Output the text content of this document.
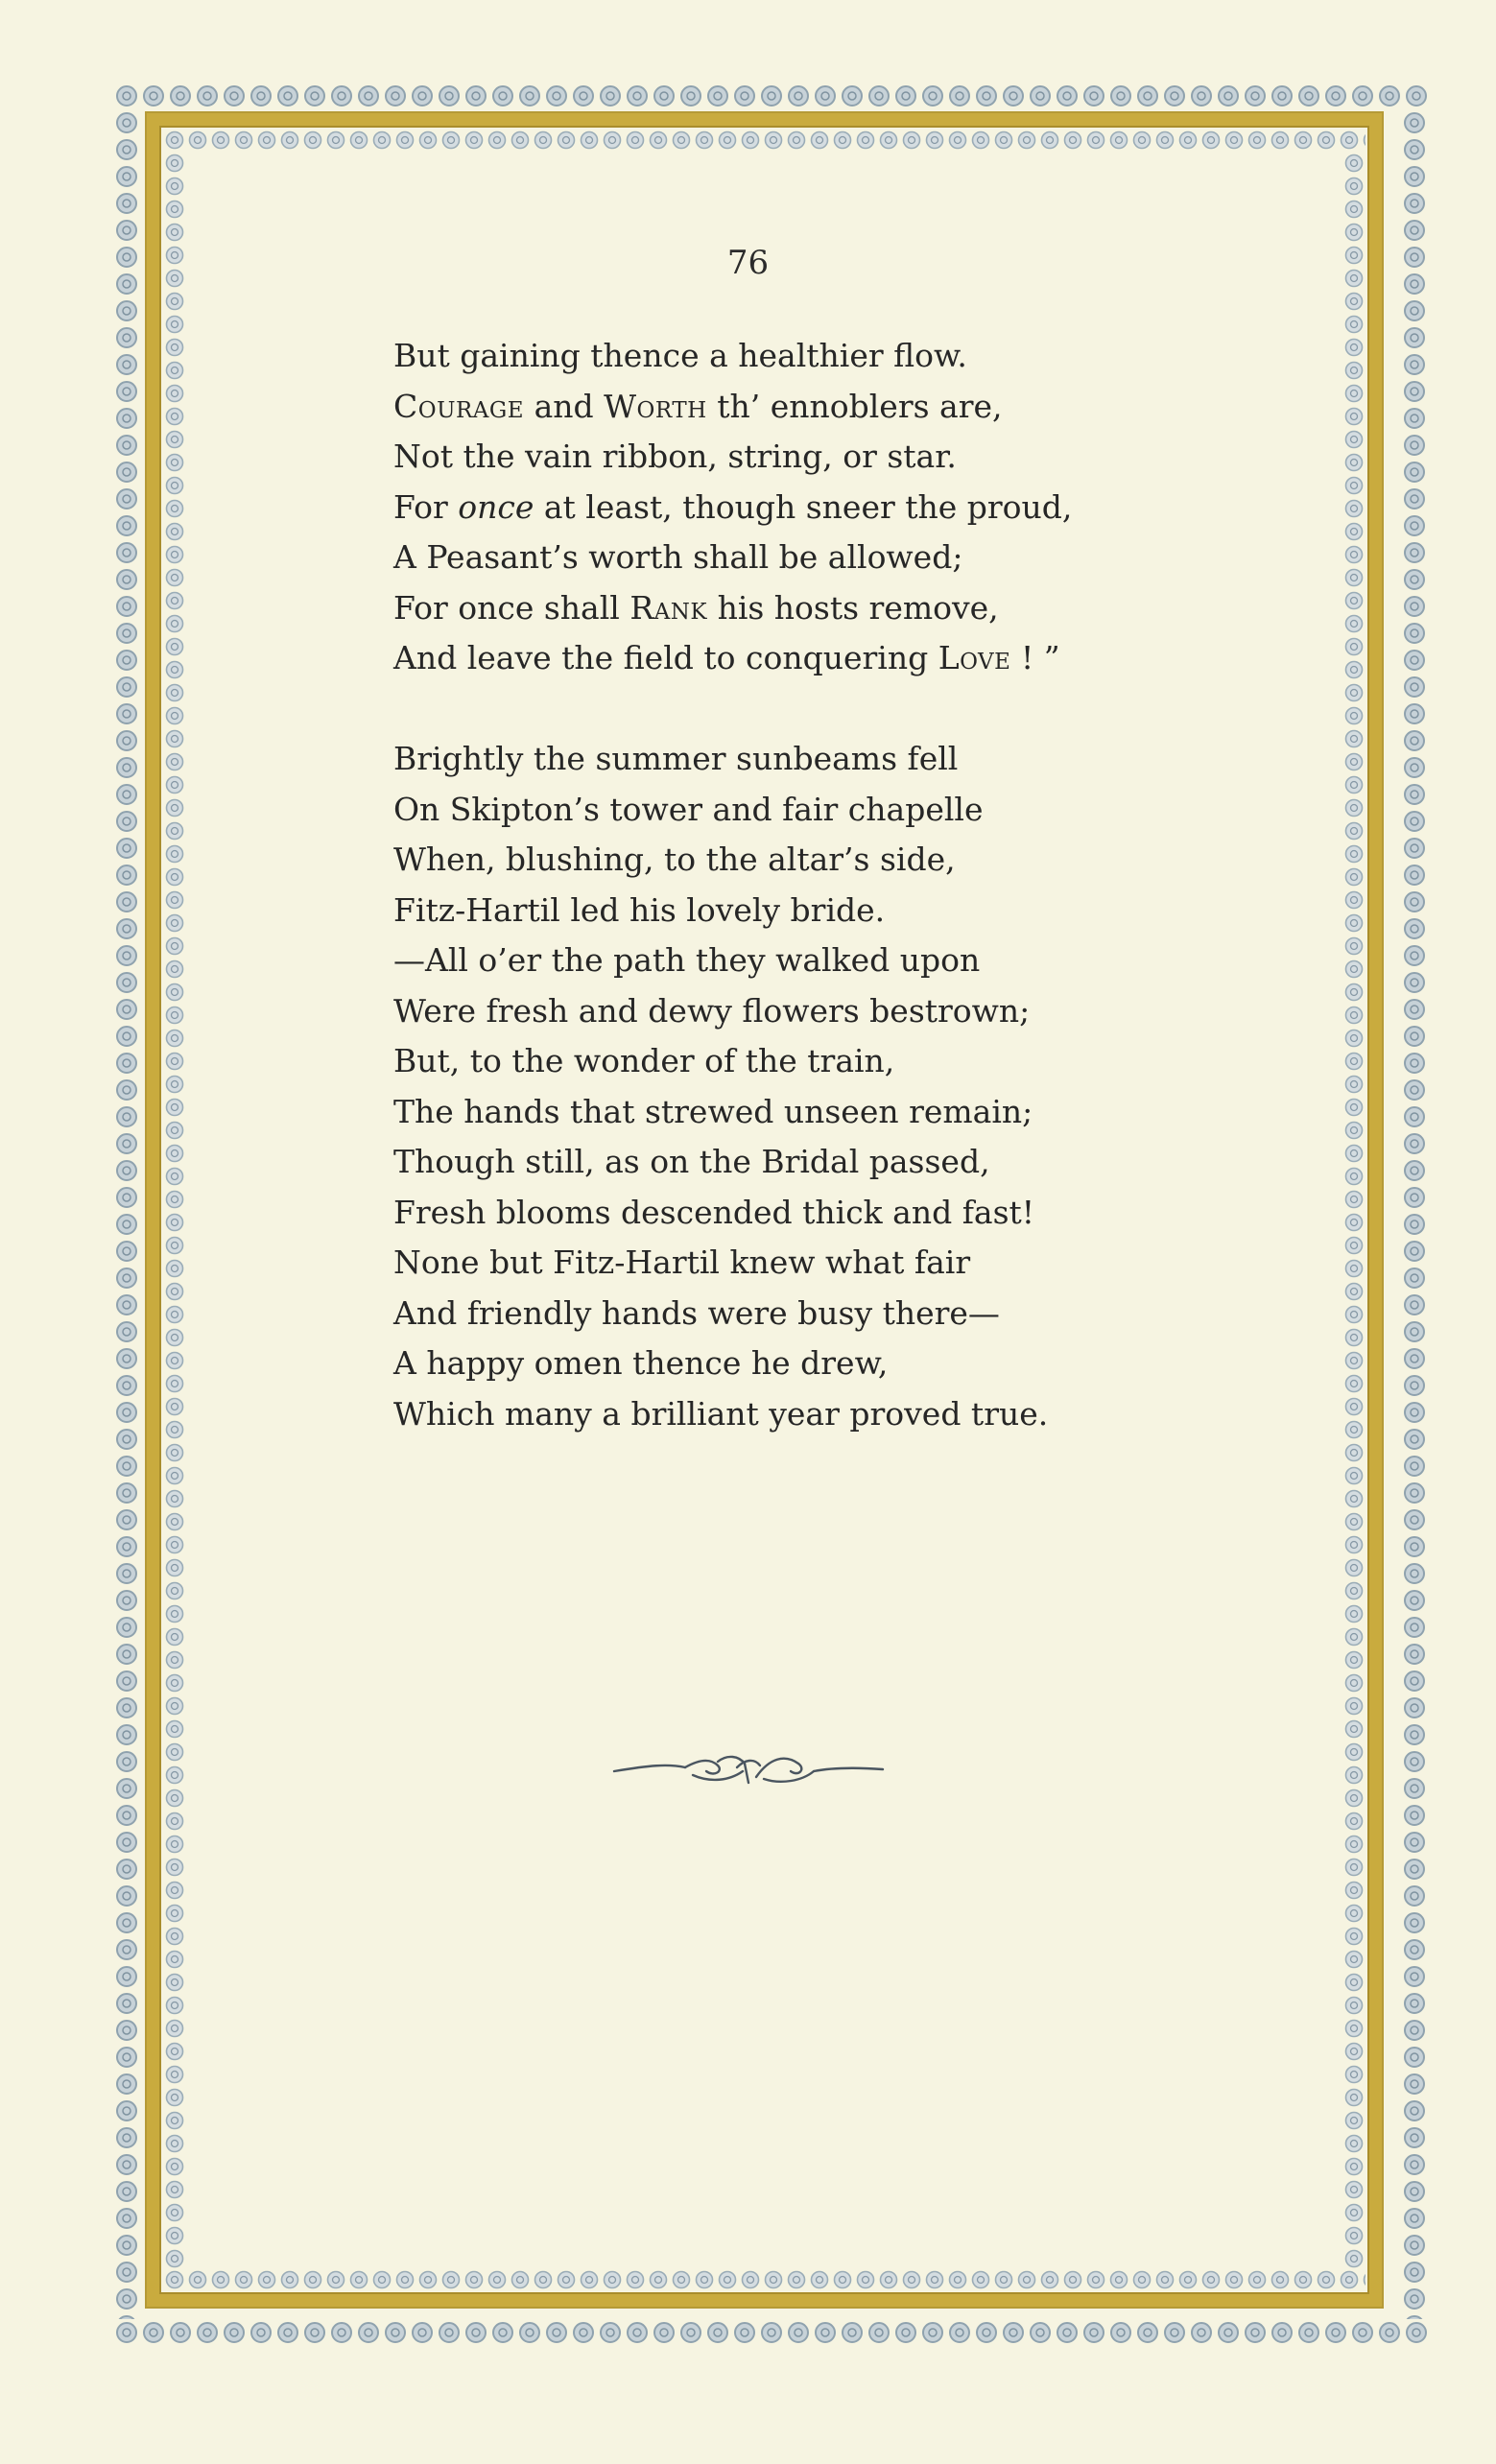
76
But gaining thence a healthier flow.
Courage and Worth th’ ennoblers are,
Not the vain ribbon, string, or star.
For once at least, though sneer the proud,
A Peasant’s worth shall be allowed;
For once shall Rank his hosts remove,
And leave the field to conquering Love ! ”
Brightly the summer sunbeams fell
On Skipton’s tower and fair chapelle
When, blushing, to the altar’s side,
Fitz-Hartil led his lovely bride.
—All o’er the path they walked upon
Were fresh and dewy flowers bestrown;
But, to the wonder of the train,
The hands that strewed unseen remain;
Though still, as on the Bridal passed,
Fresh blooms descended thick and fast!
None but Fitz-Hartil knew what fair
And friendly hands were busy there—
A happy omen thence he drew,
Which many a brilliant year proved true.
